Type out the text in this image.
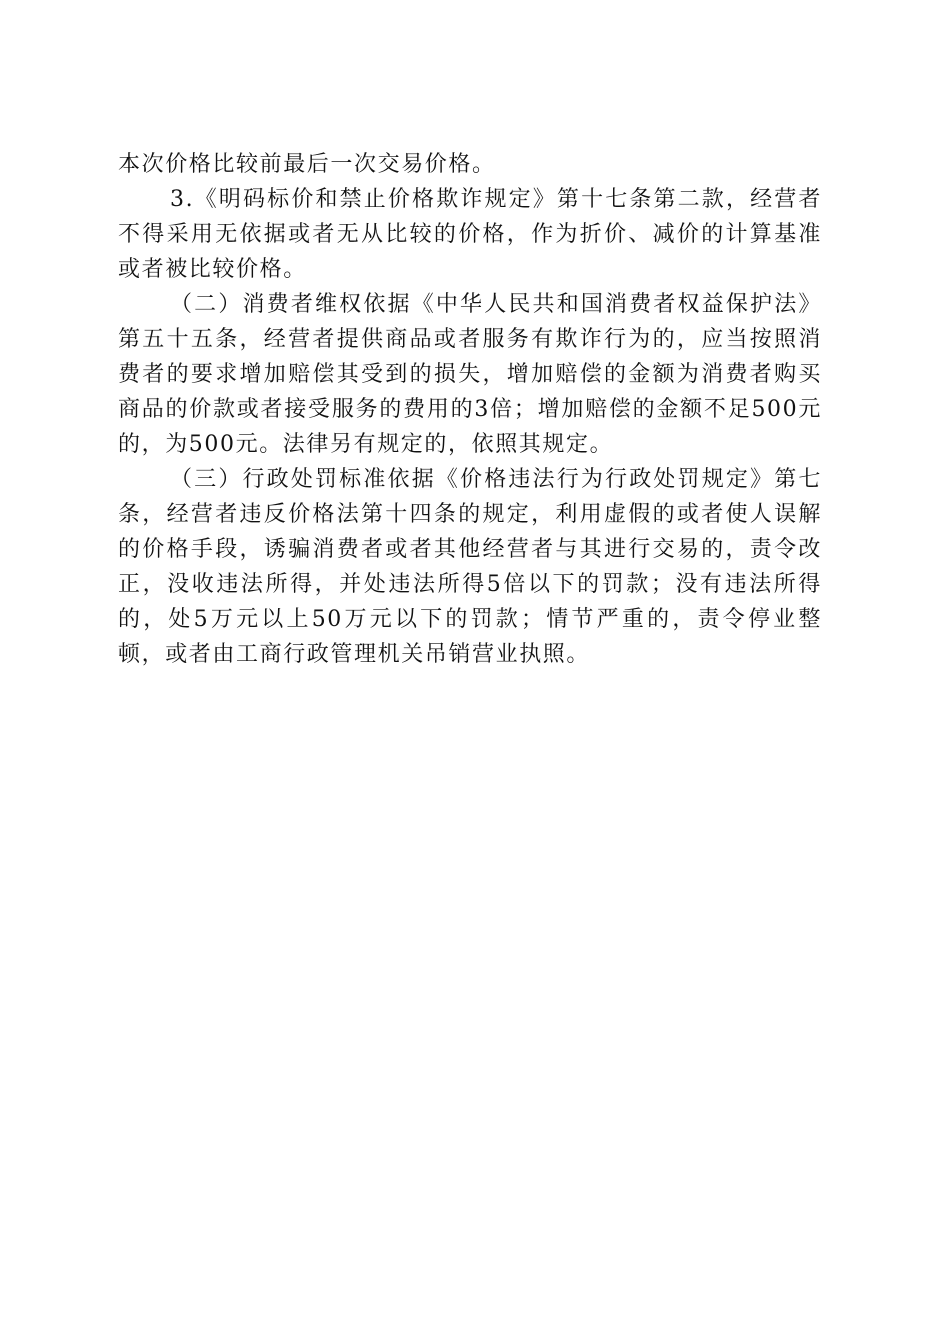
本次价格比较前最后一次交易价格。

3.《明码标价和禁止价格欺诈规定》第十七条第二款，经营者不得采用无依据或者无从比较的价格，作为折价、减价的计算基准或者被比较价格。

（二）消费者维权依据《中华人民共和国消费者权益保护法》第五十五条，经营者提供商品或者服务有欺诈行为的，应当按照消费者的要求增加赔偿其受到的损失，增加赔偿的金额为消费者购买商品的价款或者接受服务的费用的3倍；增加赔偿的金额不足500元的，为500元。法律另有规定的，依照其规定。

（三）行政处罚标准依据《价格违法行为行政处罚规定》第七条，经营者违反价格法第十四条的规定，利用虚假的或者使人误解的价格手段，诱骗消费者或者其他经营者与其进行交易的，责令改正，没收违法所得，并处违法所得5倍以下的罚款；没有违法所得的，处5万元以上50万元以下的罚款；情节严重的，责令停业整顿，或者由工商行政管理机关吊销营业执照。
